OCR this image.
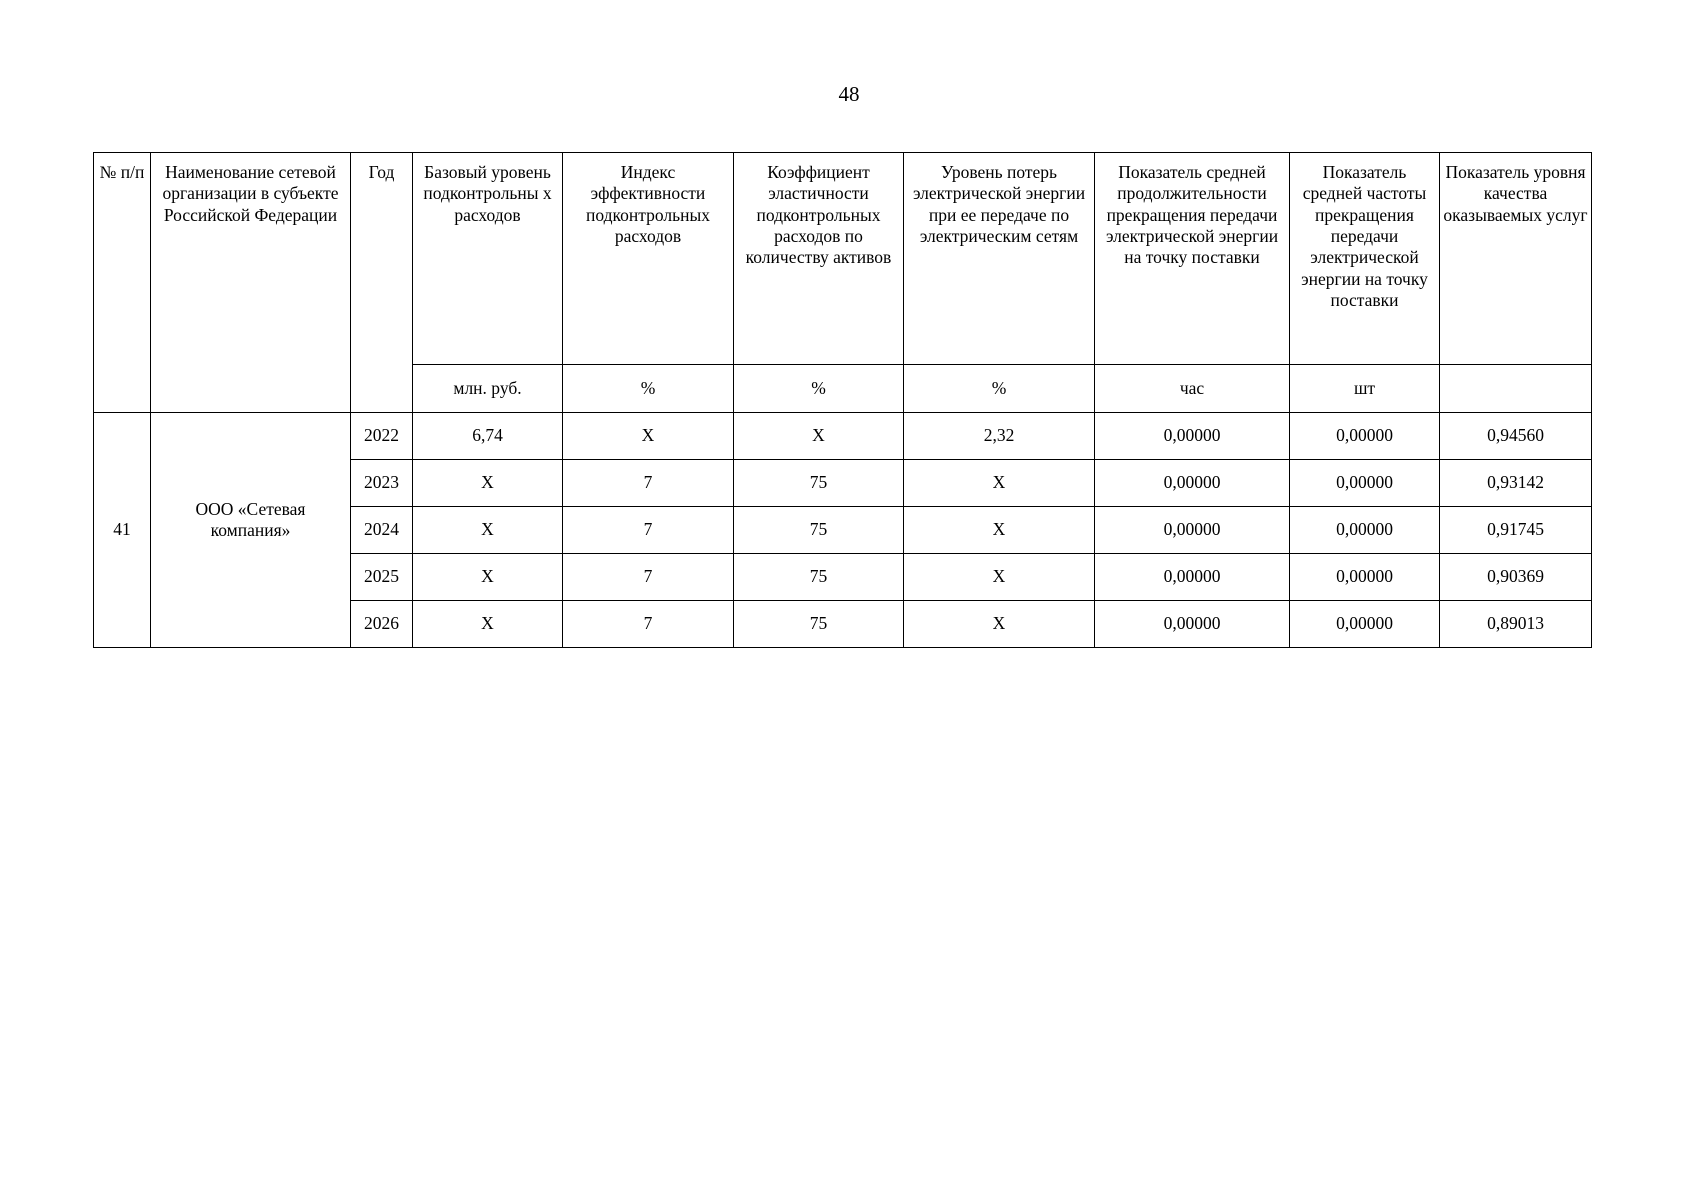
48
№ п/п	Наименование сетевой организации в субъекте Российской Федерации	Год	Базовый уровень подконтрольны х расходов	Индекс эффективности подконтрольных расходов	Коэффициент эластичности подконтрольных расходов по количеству активов	Уровень потерь электрической энергии при ее передаче по электрическим сетям	Показатель средней продолжительности прекращения передачи электрической энергии на точку поставки	Показатель средней частоты прекращения передачи электрической энергии на точку поставки	Показатель уровня качества оказываемых услуг
			млн. руб.	%	%	%	час	шт	
41	ООО «Сетевая компания»	2022	6,74	X	X	2,32	0,00000	0,00000	0,94560
		2023	X	7	75	X	0,00000	0,00000	0,93142
		2024	X	7	75	X	0,00000	0,00000	0,91745
		2025	X	7	75	X	0,00000	0,00000	0,90369
		2026	X	7	75	X	0,00000	0,00000	0,89013
